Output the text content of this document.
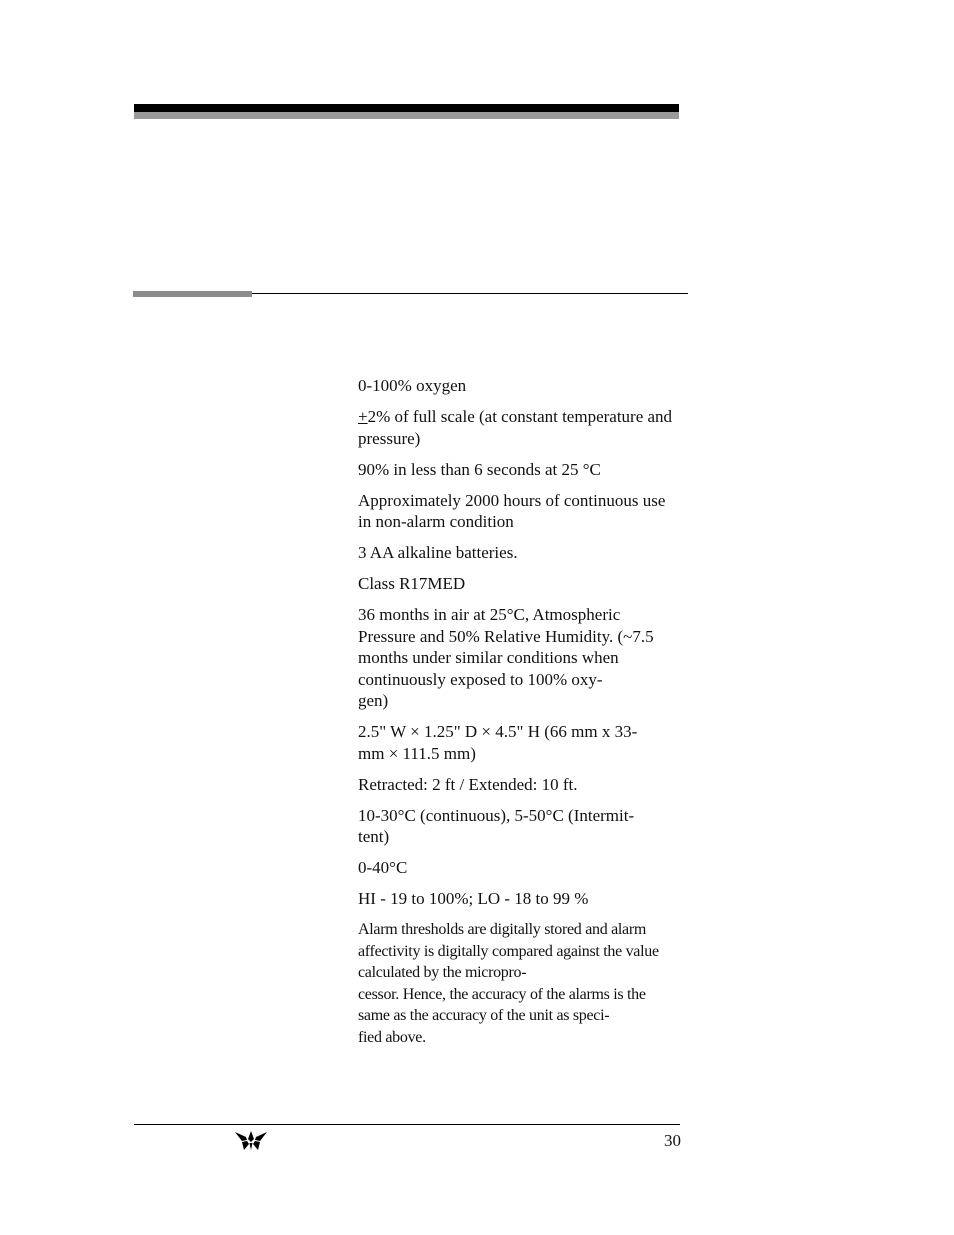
0-100% oxygen
+2% of full scale (at constant temperature and pressure)
90% in less than 6 seconds at 25 °C
Approximately 2000 hours of continuous use in non-alarm condition
3 AA alkaline batteries.
Class R17MED
36 months in air at 25°C, Atmospheric Pressure and 50% Relative Humidity. (~7.5 months under similar conditions when continuously exposed to 100% oxy-
gen)
2.5" W × 1.25" D × 4.5" H (66 mm x 33-
mm × 111.5 mm)
Retracted: 2 ft / Extended: 10 ft.
10-30°C (continuous), 5-50°C (Intermit-
tent)
0-40°C
HI - 19 to 100%; LO - 18 to 99 %
Alarm thresholds are digitally stored and alarm affectivity is digitally compared against the value calculated by the micropro-
cessor. Hence, the accuracy of the alarms is the same as the accuracy of the unit as speci-
fied above.
30
